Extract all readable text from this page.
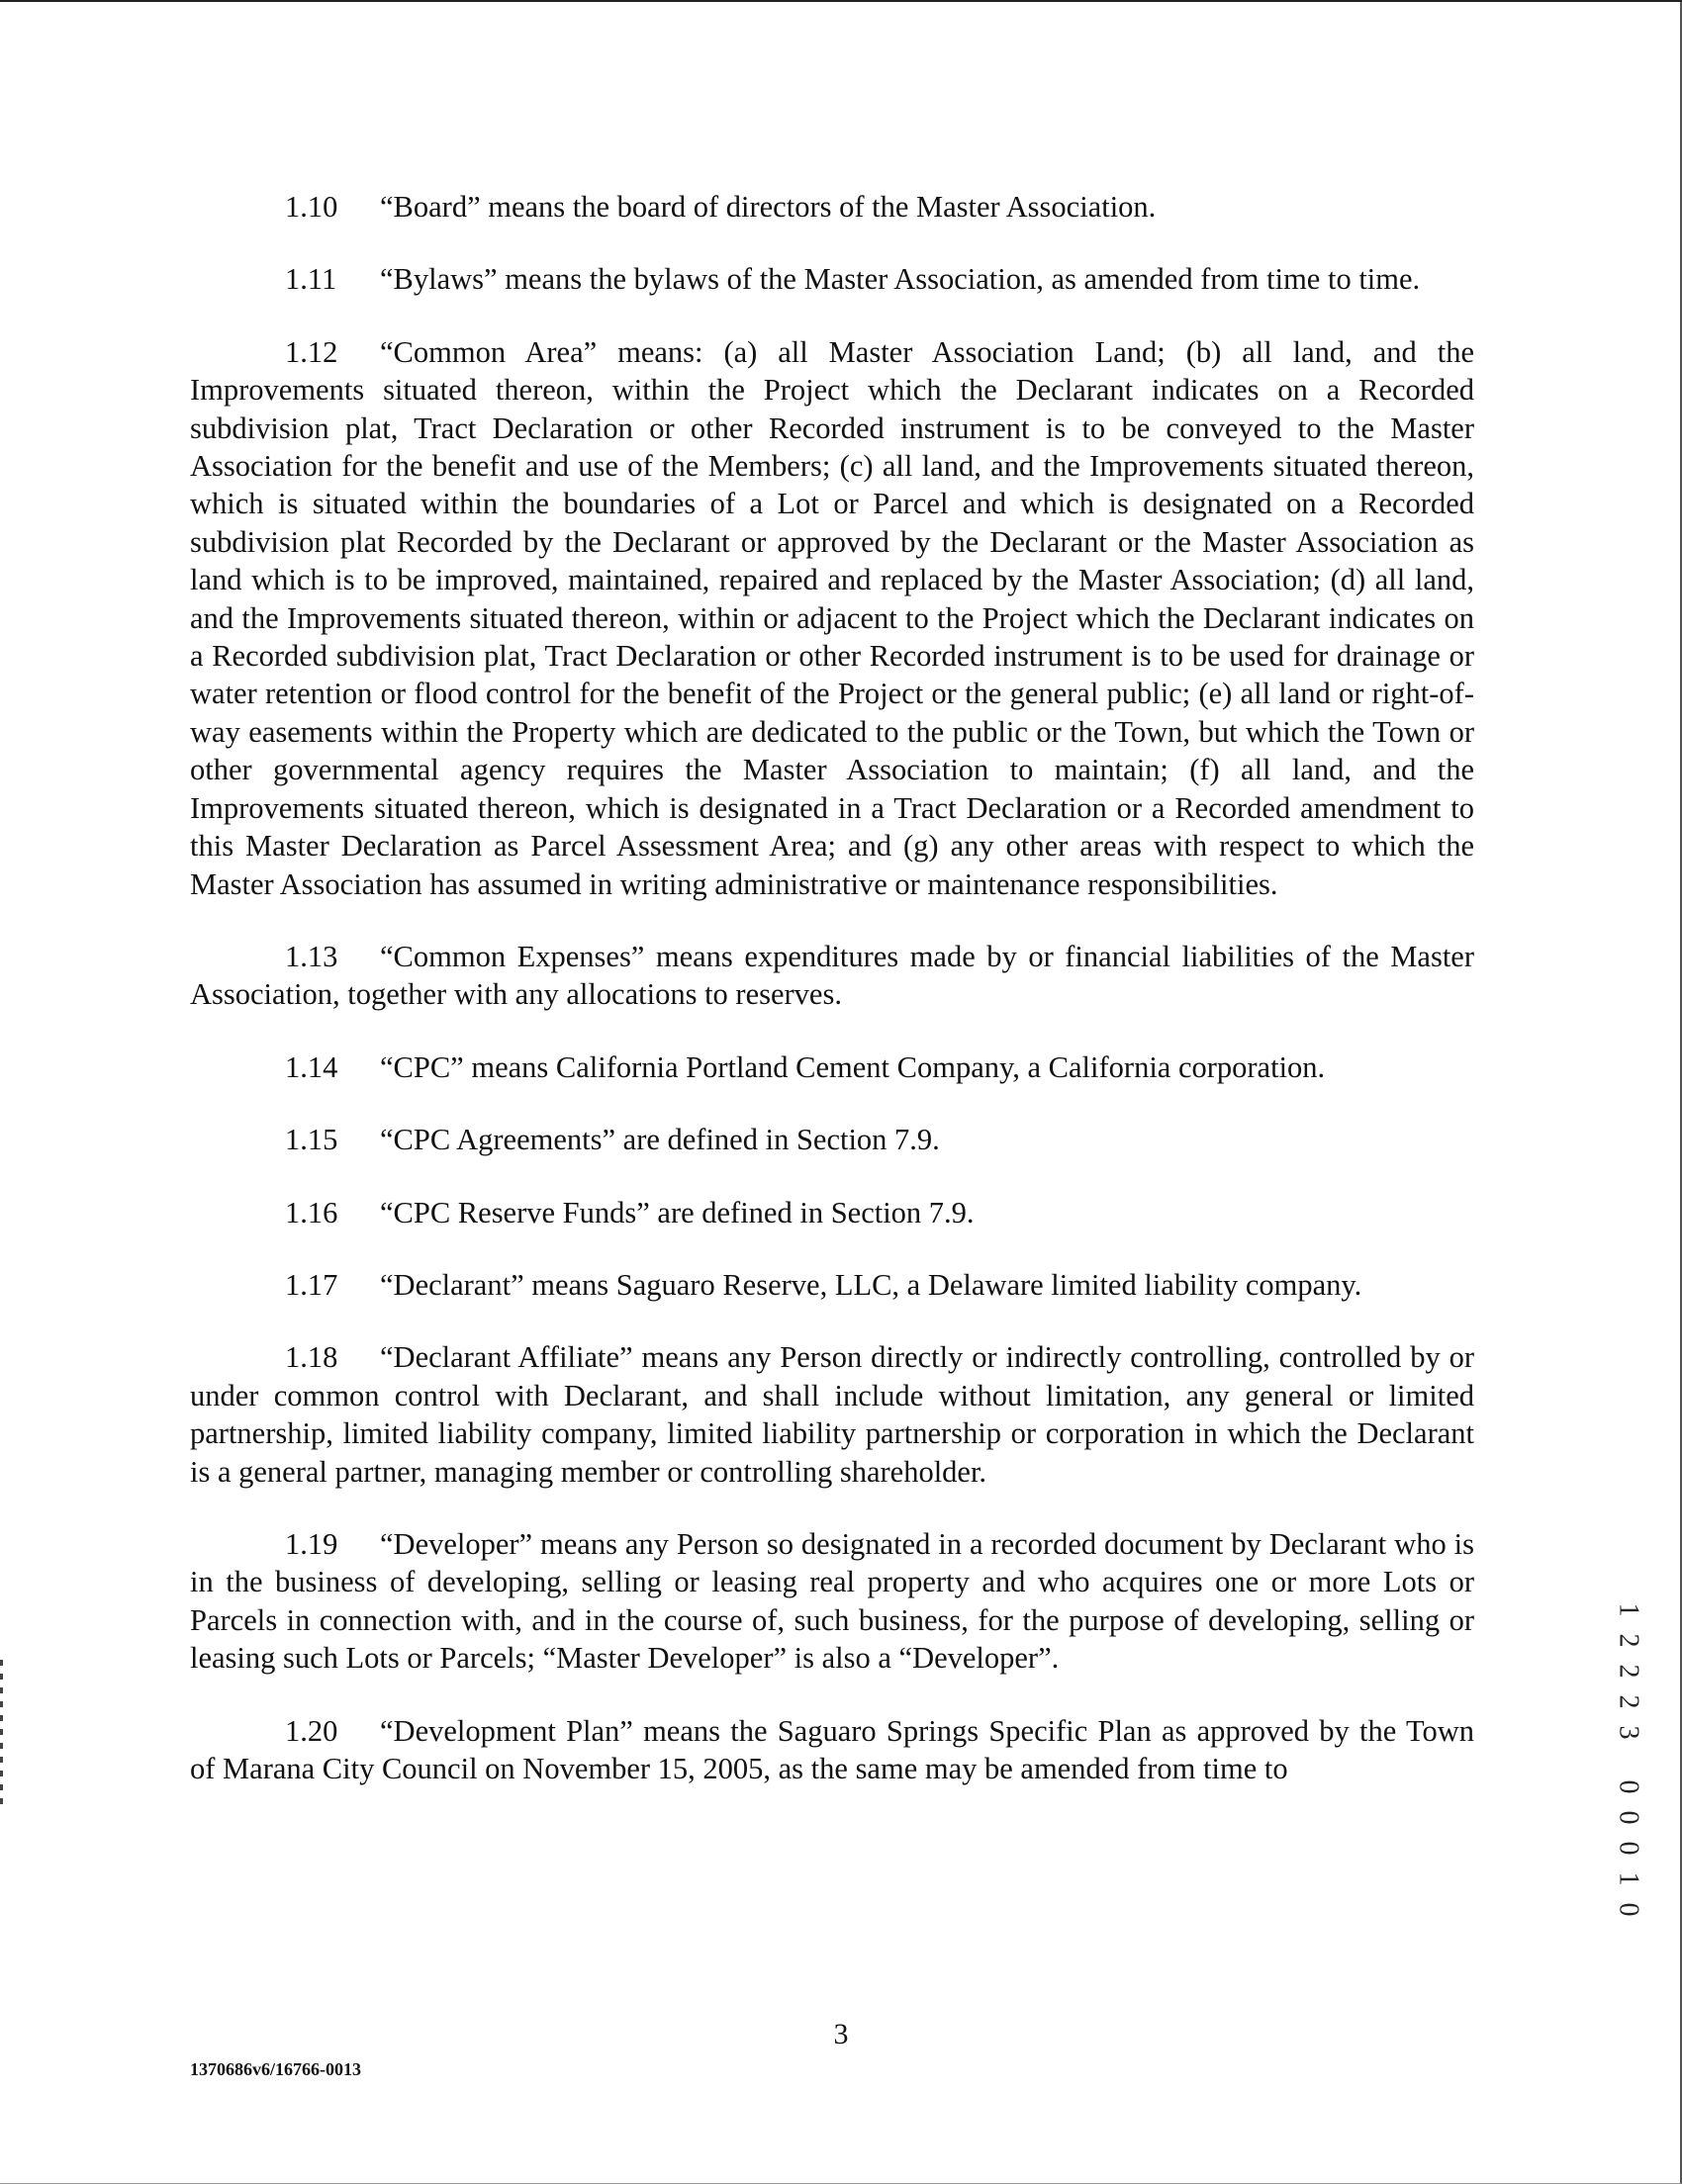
1.10 “Board” means the board of directors of the Master Association.

1.11 “Bylaws” means the bylaws of the Master Association, as amended from time to time.

1.12 “Common Area” means: (a) all Master Association Land; (b) all land, and the Improvements situated thereon, within the Project which the Declarant indicates on a Recorded subdivision plat, Tract Declaration or other Recorded instrument is to be conveyed to the Master Association for the benefit and use of the Members; (c) all land, and the Improvements situated thereon, which is situated within the boundaries of a Lot or Parcel and which is designated on a Recorded subdivision plat Recorded by the Declarant or approved by the Declarant or the Master Association as land which is to be improved, maintained, repaired and replaced by the Master Association; (d) all land, and the Improvements situated thereon, within or adjacent to the Project which the Declarant indicates on a Recorded subdivision plat, Tract Declaration or other Recorded instrument is to be used for drainage or water retention or flood control for the benefit of the Project or the general public; (e) all land or right-of-way easements within the Property which are dedicated to the public or the Town, but which the Town or other governmental agency requires the Master Association to maintain; (f) all land, and the Improvements situated thereon, which is designated in a Tract Declaration or a Recorded amendment to this Master Declaration as Parcel Assessment Area; and (g) any other areas with respect to which the Master Association has assumed in writing administrative or maintenance responsibilities.

1.13 “Common Expenses” means expenditures made by or financial liabilities of the Master Association, together with any allocations to reserves.

1.14 “CPC” means California Portland Cement Company, a California corporation.

1.15 “CPC Agreements” are defined in Section 7.9.

1.16 “CPC Reserve Funds” are defined in Section 7.9.

1.17 “Declarant” means Saguaro Reserve, LLC, a Delaware limited liability company.

1.18 “Declarant Affiliate” means any Person directly or indirectly controlling, controlled by or under common control with Declarant, and shall include without limitation, any general or limited partnership, limited liability company, limited liability partnership or corporation in which the Declarant is a general partner, managing member or controlling shareholder.

1.19 “Developer” means any Person so designated in a recorded document by Declarant who is in the business of developing, selling or leasing real property and who acquires one or more Lots or Parcels in connection with, and in the course of, such business, for the purpose of developing, selling or leasing such Lots or Parcels; “Master Developer” is also a “Developer”.

1.20 “Development Plan” means the Saguaro Springs Specific Plan as approved by the Town of Marana City Council on November 15, 2005, as the same may be amended from time to

1
2
2
2
3

0
0
0
1
0
3
1370686v6/16766-0013
